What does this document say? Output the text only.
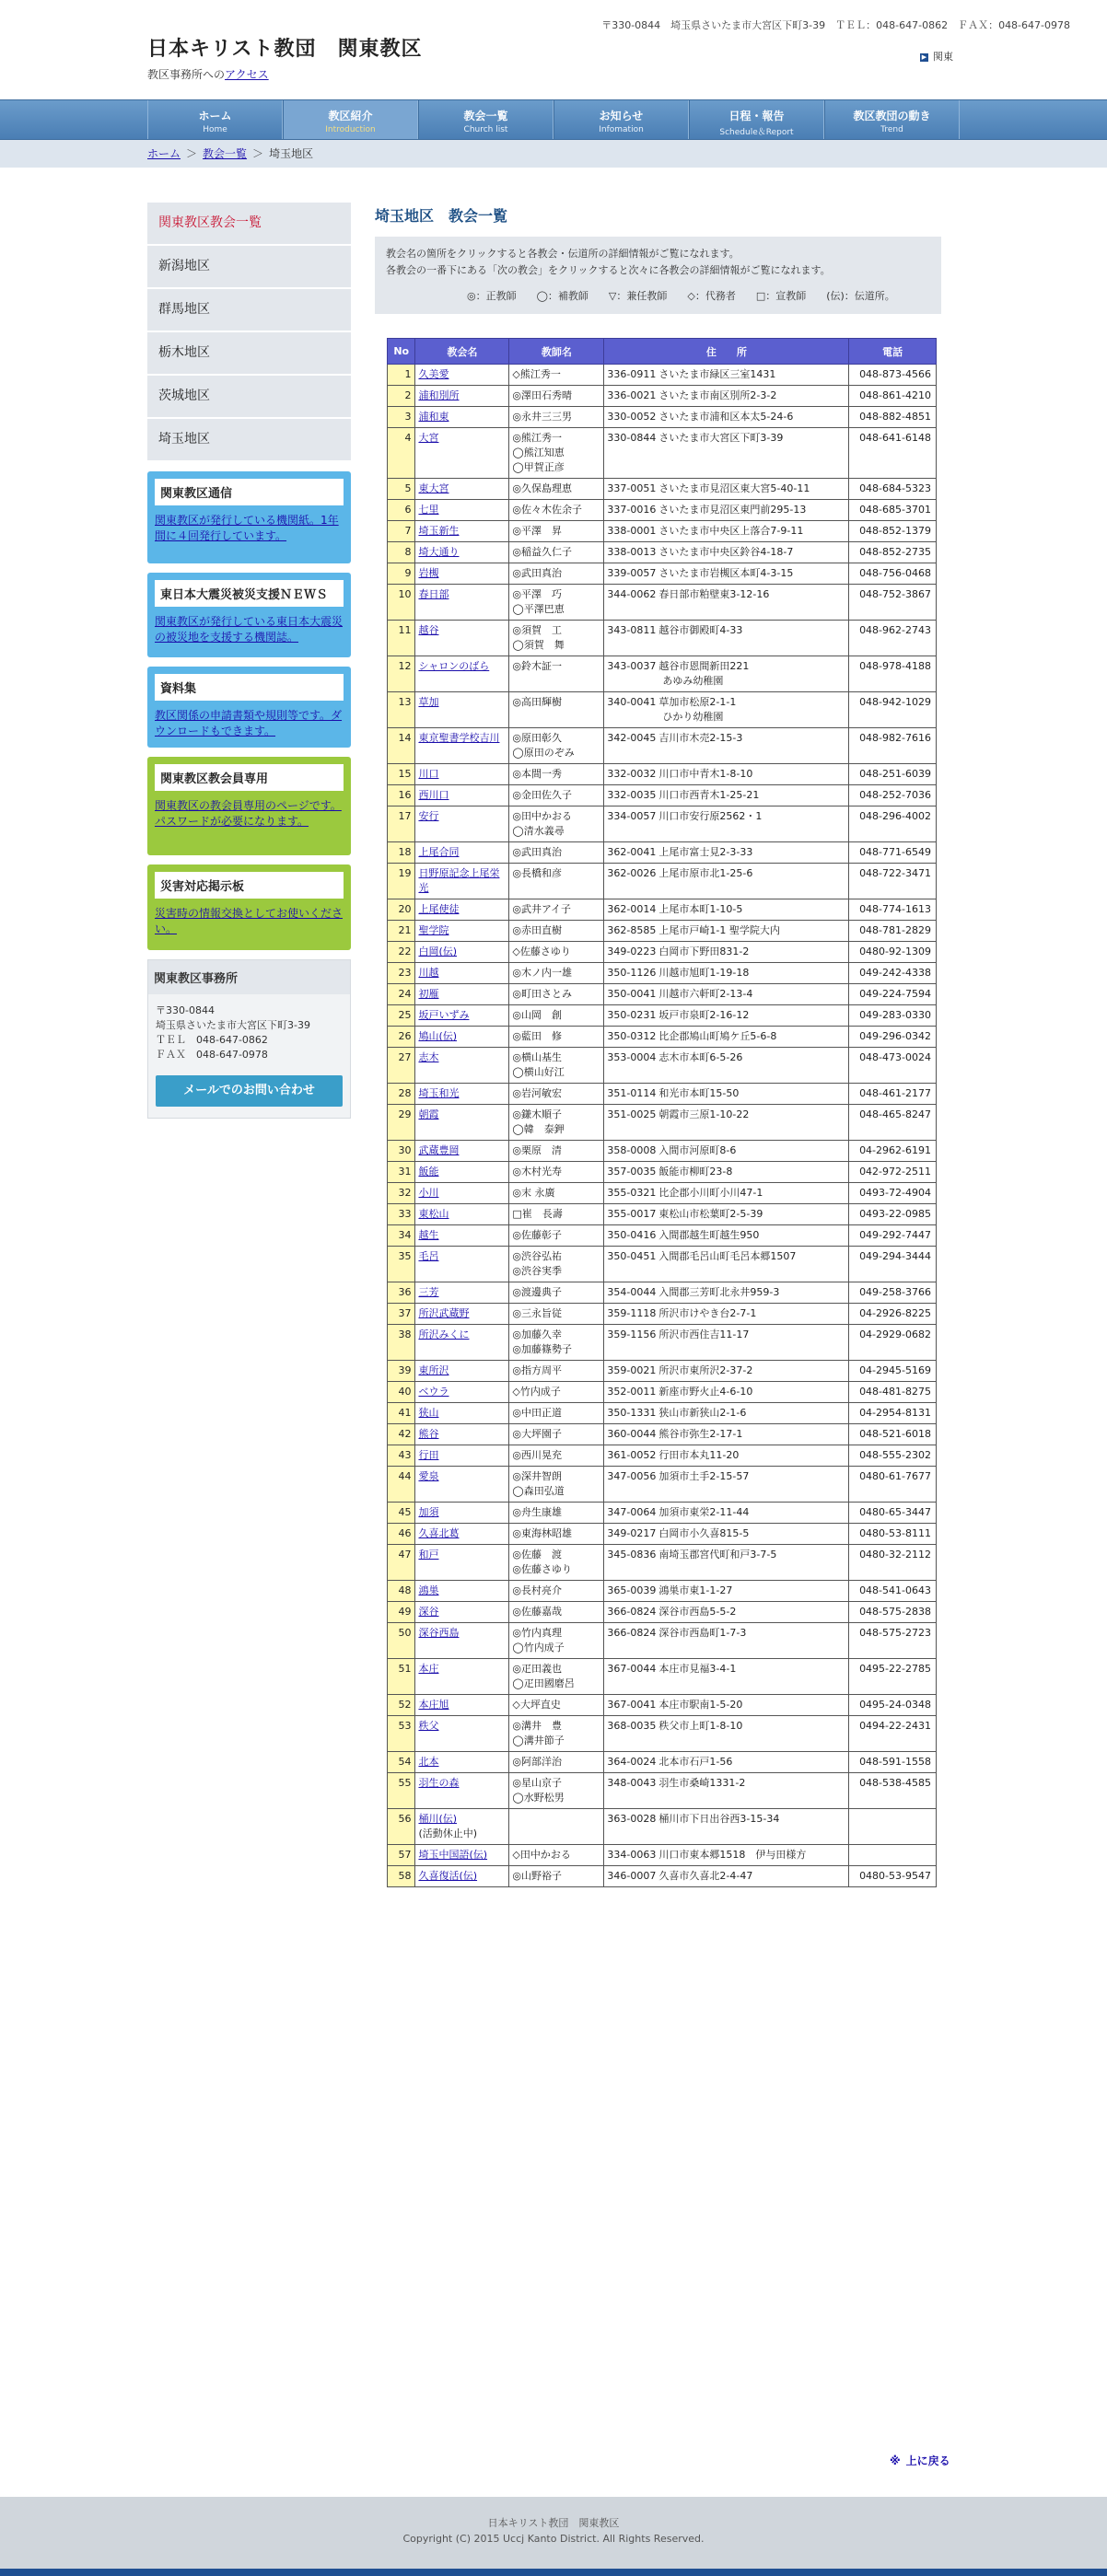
日本キリスト教団　関東教区
教区事務所へのアクセス
〒330-0844　埼玉県さいたま市大宮区下町3-39　ＴＥＬ：048-647-0862　ＦＡＸ：048-647-0978
▶ 関東
ホーム
Home
教区紹介
Introduction
教会一覧
Church list
お知らせ
Infomation
日程・報告
Schedule＆Report
教区教団の動き
Trend
ホーム ＞ 教会一覧 ＞ 埼玉地区
関東教区教会一覧
新潟地区
群馬地区
栃木地区
茨城地区
埼玉地区
関東教区通信
関東教区が発行している機関紙。1年間に４回発行しています。
東日本大震災被災支援ＮＥＷＳ
関東教区が発行している東日本大震災の被災地を支援する機関誌。
資料集
教区関係の申請書類や規則等です。ダウンロードもできます。
関東教区教会員専用
関東教区の教会員専用のページです。パスワードが必要になります。
災害対応掲示板
災害時の情報交換としてお使いください。
関東教区事務所
〒330-0844
埼玉県さいたま市大宮区下町3-39
ＴＥＬ　048-647-0862
ＦＡＸ　048-647-0978
メールでのお問い合わせ
埼玉地区　教会一覧
教会名の箇所をクリックすると各教会・伝道所の詳細情報がご覧になれます。
各教会の一番下にある「次の教会」をクリックすると次々に各教会の詳細情報がご覧になれます。
　　　　　　　　◎：正教師　　◯：補教師　　▽：兼任教師　　◇：代務者　　□：宣教師　　(伝)：伝道所。
No	教会名	教師名	住　　所	電話
1	久美愛	◇熊江秀一	336-0911 さいたま市緑区三室1431	048-873-4566
2	浦和別所	◎澤田石秀晴	336-0021 さいたま市南区別所2-3-2	048-861-4210
3	浦和東	◎永井三三男	330-0052 さいたま市浦和区本太5-24-6	048-882-4851
4	大宮	◎熊江秀一
◯熊江知恵
◯甲賀正彦	330-0844 さいたま市大宮区下町3-39	048-641-6148
5	東大宮	◎久保島理恵	337-0051 さいたま市見沼区東大宮5-40-11	048-684-5323
6	七里	◎佐々木佐余子	337-0016 さいたま市見沼区東門前295-13	048-685-3701
7	埼玉新生	◎平澤　昇	338-0001 さいたま市中央区上落合7-9-11	048-852-1379
8	埼大通り	◎稲益久仁子	338-0013 さいたま市中央区鈴谷4-18-7	048-852-2735
9	岩槻	◎武田真治	339-0057 さいたま市岩槻区本町4-3-15	048-756-0468
10	春日部	◎平澤　巧
◯平澤巴恵	344-0062 春日部市粕壁東3-12-16	048-752-3867
11	越谷	◎須賀　工
◯須賀　舞	343-0811 越谷市御殿町4-33	048-962-2743
12	シャロンのばら	◎鈴木証一	343-0037 越谷市恩間新田221
あゆみ幼稚園	048-978-4188
13	草加	◎高田輝樹	340-0041 草加市松原2-1-1
ひかり幼稚園	048-942-1029
14	東京聖書学校吉川	◎原田彰久
◯原田のぞみ	342-0045 吉川市木売2-15-3	048-982-7616
15	川口	◎本間一秀	332-0032 川口市中青木1-8-10	048-251-6039
16	西川口	◎金田佐久子	332-0035 川口市西青木1-25-21	048-252-7036
17	安行	◎田中かおる
◯清水義尋	334-0057 川口市安行原2562・1	048-296-4002
18	上尾合同	◎武田真治	362-0041 上尾市富士見2-3-33	048-771-6549
19	日野原記念上尾栄光	◎長橋和彦	362-0026 上尾市原市北1-25-6	048-722-3471
20	上尾使徒	◎武井アイ子	362-0014 上尾市本町1-10-5	048-774-1613
21	聖学院	◎赤田直樹	362-8585 上尾市戸崎1-1 聖学院大内	048-781-2829
22	白岡(伝)	◇佐藤さゆり	349-0223 白岡市下野田831-2	0480-92-1309
23	川越	◎木ノ内一雄	350-1126 川越市旭町1-19-18	049-242-4338
24	初雁	◎町田さとみ	350-0041 川越市六軒町2-13-4	049-224-7594
25	坂戸いずみ	◎山岡　創	350-0231 坂戸市泉町2-16-12	049-283-0330
26	鳩山(伝)	◎藍田　修	350-0312 比企郡鳩山町鳩ケ丘5-6-8	049-296-0342
27	志木	◎横山基生
◯横山好江	353-0004 志木市本町6-5-26	048-473-0024
28	埼玉和光	◎岩河敏宏	351-0114 和光市本町15-50	048-461-2177
29	朝霞	◎鎌木順子
◯韓　泰鉀	351-0025 朝霞市三原1-10-22	048-465-8247
30	武蔵豊岡	◎栗原　清	358-0008 入間市河原町8-6	04-2962-6191
31	飯能	◎木村光寿	357-0035 飯能市柳町23-8	042-972-2511
32	小川	◎末 永廣	355-0321 比企郡小川町小川47-1	0493-72-4904
33	東松山	□崔　長壽	355-0017 東松山市松葉町2-5-39	0493-22-0985
34	越生	◎佐藤彰子	350-0416 入間郡越生町越生950	049-292-7447
35	毛呂	◎渋谷弘祐
◎渋谷実季	350-0451 入間郡毛呂山町毛呂本郷1507	049-294-3444
36	三芳	◎渡邊典子	354-0044 入間郡三芳町北永井959-3	049-258-3766
37	所沢武蔵野	◎三永旨従	359-1118 所沢市けやき台2-7-1	04-2926-8225
38	所沢みくに	◎加藤久幸
◎加藤篠勢子	359-1156 所沢市西住吉11-17	04-2929-0682
39	東所沢	◎指方周平	359-0021 所沢市東所沢2-37-2	04-2945-5169
40	ベウラ	◇竹内成子	352-0011 新座市野火止4-6-10	048-481-8275
41	狭山	◎中田正道	350-1331 狭山市新狭山2-1-6	04-2954-8131
42	熊谷	◎大坪園子	360-0044 熊谷市弥生2-17-1	048-521-6018
43	行田	◎西川晃充	361-0052 行田市本丸11-20	048-555-2302
44	愛泉	◎深井智朗
◯森田弘道	347-0056 加須市土手2-15-57	0480-61-7677
45	加須	◎舟生康雄	347-0064 加須市東栄2-11-44	0480-65-3447
46	久喜北葛	◎東海林昭雄	349-0217 白岡市小久喜815-5	0480-53-8111
47	和戸	◎佐藤　渡
◎佐藤さゆり	345-0836 南埼玉郡宮代町和戸3-7-5	0480-32-2112
48	鴻巣	◎長村亮介	365-0039 鴻巣市東1-1-27	048-541-0643
49	深谷	◎佐藤嘉哉	366-0824 深谷市西島5-5-2	048-575-2838
50	深谷西島	◎竹内真理
◯竹内成子	366-0824 深谷市西島町1-7-3	048-575-2723
51	本庄	◎疋田義也
◯疋田國磨呂	367-0044 本庄市見福3-4-1	0495-22-2785
52	本庄旭	◇大坪直史	367-0041 本庄市駅南1-5-20	0495-24-0348
53	秩父	◎溝井　豊
◯溝井節子	368-0035 秩父市上町1-8-10	0494-22-2431
54	北本	◎阿部洋治	364-0024 北本市石戸1-56	048-591-1558
55	羽生の森	◎星山京子
◯水野松男	348-0043 羽生市桑崎1331-2	048-538-4585
56	桶川(伝)
(活動休止中)		363-0028 桶川市下日出谷西3-15-34	
57	埼玉中国語(伝)	◇田中かおる	334-0063 川口市東本郷1518　伊与田様方	
58	久喜復活(伝)	◎山野裕子	346-0007 久喜市久喜北2-4-47	0480-53-9547
※ 上に戻る
日本キリスト教団　関東教区
Copyright (C) 2015 Uccj Kanto District. All Rights Reserved.
